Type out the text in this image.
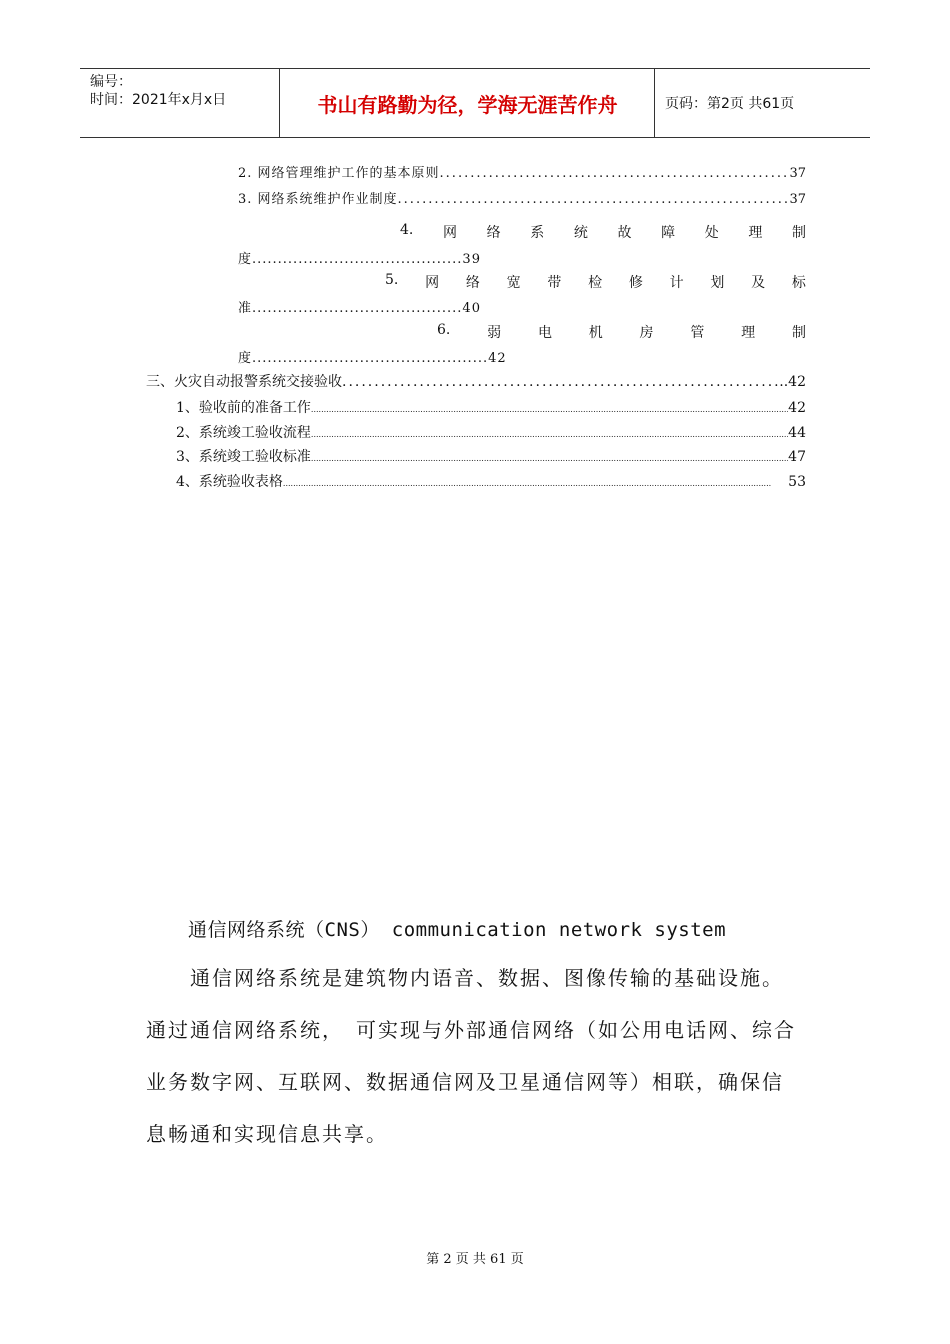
编号：
时间：2021年x月x日	书山有路勤为径，学海无涯苦作舟	页码：第2页 共61页
2. 网络管理维护工作的基本原则 .....	37
3. 网络系统维护作业制度 .....	37
4. 网 络 系 统 故 障 处 理 制
度.........................................39
5. 网 络 宽 带 检 修 计 划 及 标
准.........................................40
6.	弱	电	机	房	管	理	制
度..............................................42
三、火灾自动报警系统交接验收 .....	..42
1、验收前的准备工作 .....	42
2、系统竣工验收流程 .....	44
3、系统竣工验收标准 .....	47
4、系统验收表格 .....	53
通信网络系统（CNS） communication network system
　　通信网络系统是建筑物内语音、数据、图像传输的基础设施。
通过通信网络系统，　可实现与外部通信网络（如公用电话网、综合
业务数字网、互联网、数据通信网及卫星通信网等）相联，确保信
息畅通和实现信息共享。
第 2 页 共 61 页
